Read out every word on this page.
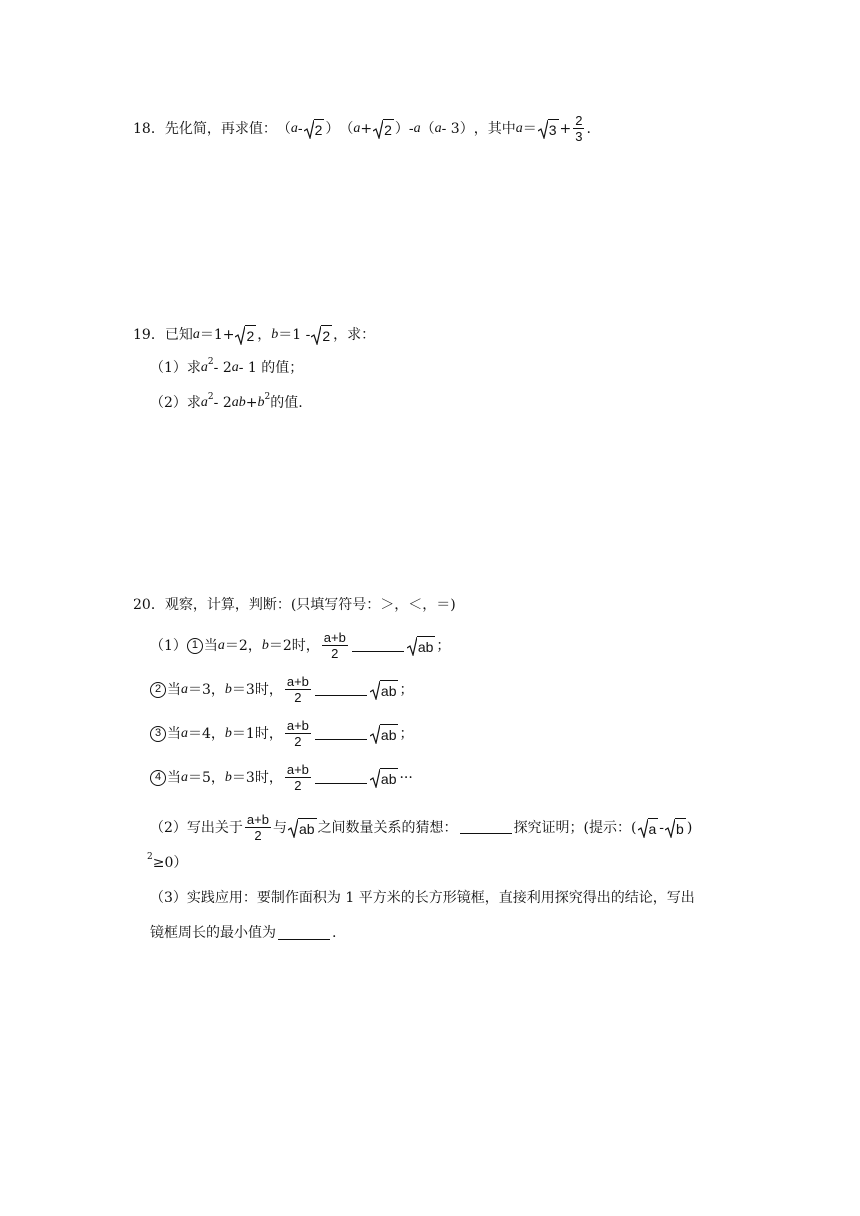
18． 先化简，再求值： （ a - 2 ） （ a + 2 ） - a （ a - 3） ，其中 $a = 3 + \frac{2}{3}$ .
19． 已知 a ＝1+ 2 ， b ＝1 - 2 ，求：
（1）求 $a^2 - 2$ a - 1 的值；
（2）求 $a^2 - 2$ ab + $b^2$ 的值.
20． 观察，计算，判断：(只填写符号：＞，＜，＝)
（1） 1 当 a ＝ 2 ， b ＝ 2 时， $\frac{a+b}{2}$	ab ；
2 当 a ＝ 3 ， b ＝ 3 时， $\frac{a+b}{2}$	ab ；
3 当 a ＝ 4 ， b ＝ 1 时， $\frac{a+b}{2}$	ab ；
4 当 a ＝ 5 ， b ＝ 3 时， $\frac{a+b}{2}$	ab ···
（2）写出关于 $\frac{a+b}{2}$ 与 ab 之间数量关系的猜想：	探究证明；(提示：( a - b )
$^2$ ≥0）
（3）实践应用：要制作面积为 1 平方米的长方形镜框，直接利用探究得出的结论，写出
镜框周长的最小值为	.
